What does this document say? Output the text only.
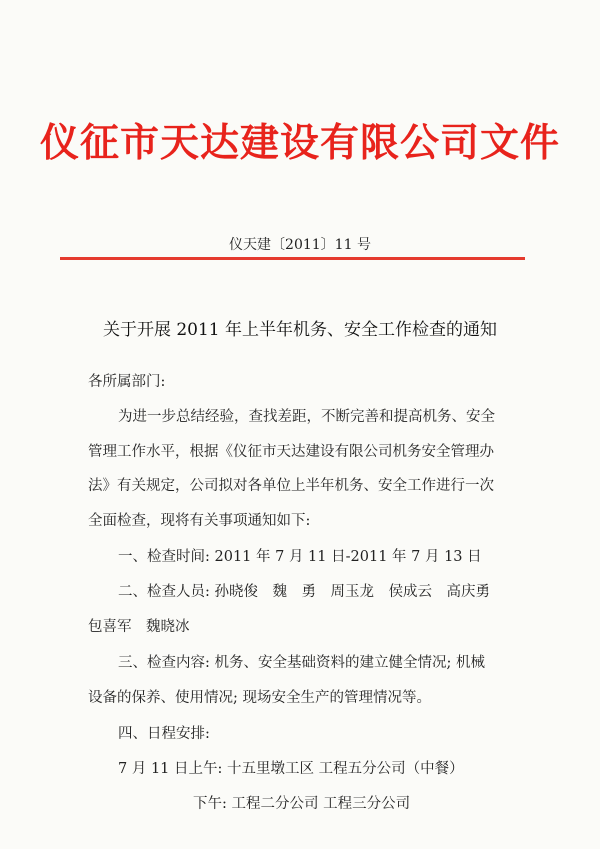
仪征市天达建设有限公司文件
仪天建〔2011〕11 号
关于开展 2011 年上半年机务、安全工作检查的通知
各所属部门:
为进一步总结经验，查找差距，不断完善和提高机务、安全
管理工作水平，根据《仪征市天达建设有限公司机务安全管理办
法》有关规定，公司拟对各单位上半年机务、安全工作进行一次
全面检查，现将有关事项通知如下:
一、检查时间: 2011 年 7 月 11 日-2011 年 7 月 13 日
二、检查人员: 孙晓俊　魏　勇　周玉龙　侯成云　高庆勇
包喜军　魏晓冰
三、检查内容: 机务、安全基础资料的建立健全情况; 机械
设备的保养、使用情况; 现场安全生产的管理情况等。
四、日程安排:
7 月 11 日上午: 十五里墩工区 工程五分公司（中餐）
下午: 工程二分公司 工程三分公司
